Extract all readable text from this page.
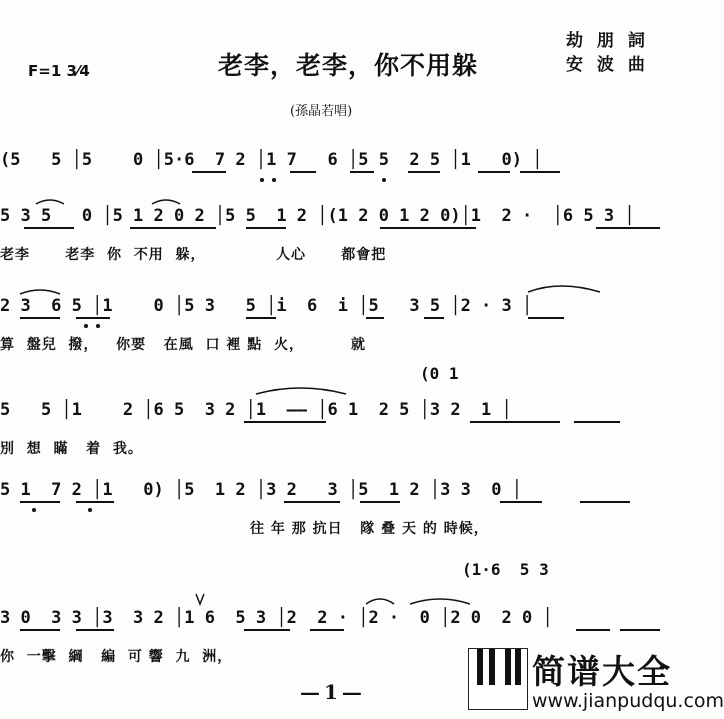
F=1 3⁄4	老李，老李，你不用躲
劫 朋 詞
安 波 曲
(孫晶若唱)
(5   5 │5    0 │5·6  7 2 │1 7   6 │5 5  2 5 │1   0) │
5 3 5   0 │5 1 2 0 2 │5 5  1 2 │(1 2 0 1 2 0)│1  2 ·  │6 5 3 │
老李      老李  你  不用  躲，            人心      都會把
2 3  6 5 │1    0 │5 3   5 │i  6  i │5   3 5 │2 · 3 │
算  盤兒  撥，   你要   在風  口 裡 點  火，        就
(0 1
5   5 │1    2 │6 5  3 2 │1  —— │6 1  2 5 │3 2  1 │
別  想  瞞   着  我。
5 1  7 2 │1   0) │5  1 2 │3 2   3 │5  1 2 │3 3  0 │
往 年 那 抗日   隊 叠 天 的 時候，
(1·6  5 3
3 0  3 3 │3  3 2 │1 6  5 3 │2  2 · │2 ·  0 │2 0  2 0 │
你  一擊  綱   編  可 響  九  洲，
—1—
简谱大全
www.jianpudqu.com
